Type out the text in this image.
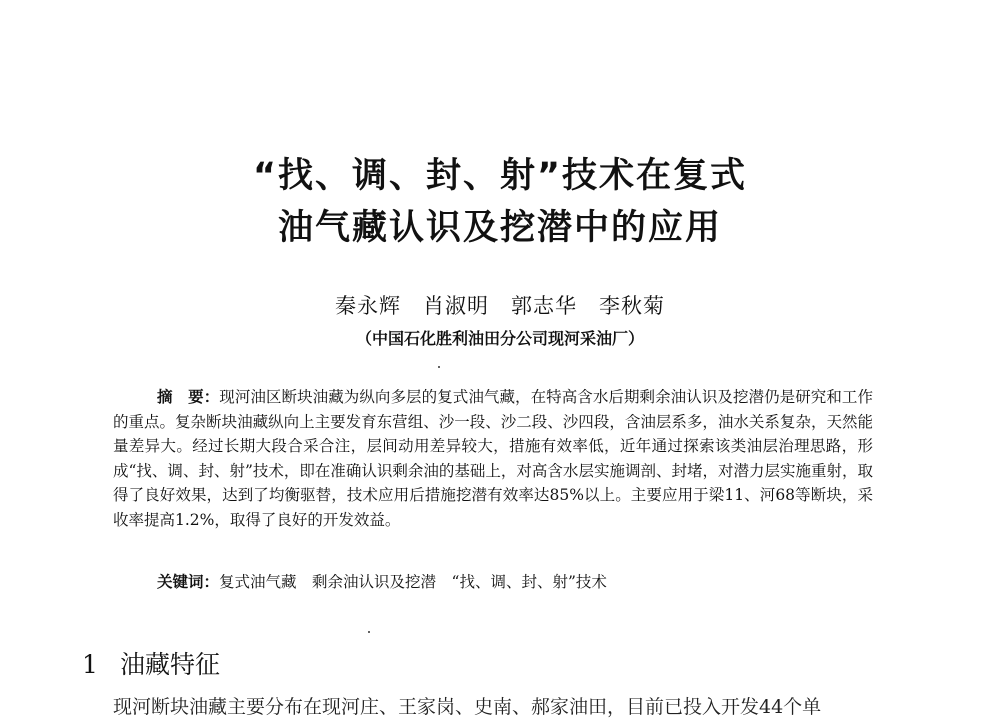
“找、调、封、射”技术在复式
油气藏认识及挖潜中的应用
秦永辉　肖淑明　郭志华　李秋菊
（中国石化胜利油田分公司现河采油厂）
摘　要：现河油区断块油藏为纵向多层的复式油气藏，在特高含水后期剩余油认识及挖潜仍是研究和工作的重点。复杂断块油藏纵向上主要发育东营组、沙一段、沙二段、沙四段，含油层系多，油水关系复杂，天然能量差异大。经过长期大段合采合注，层间动用差异较大，措施有效率低，近年通过探索该类油层治理思路，形成“找、调、封、射”技术，即在准确认识剩余油的基础上，对高含水层实施调剖、封堵，对潜力层实施重射，取得了良好效果，达到了均衡驱替，技术应用后措施挖潜有效率达85%以上。主要应用于梁11、河68等断块，采收率提高1.2%，取得了良好的开发效益。
关键词：复式油气藏　剩余油认识及挖潜　“找、调、封、射”技术
1 油藏特征
现河断块油藏主要分布在现河庄、王家岗、史南、郝家油田，目前已投入开发44个单
